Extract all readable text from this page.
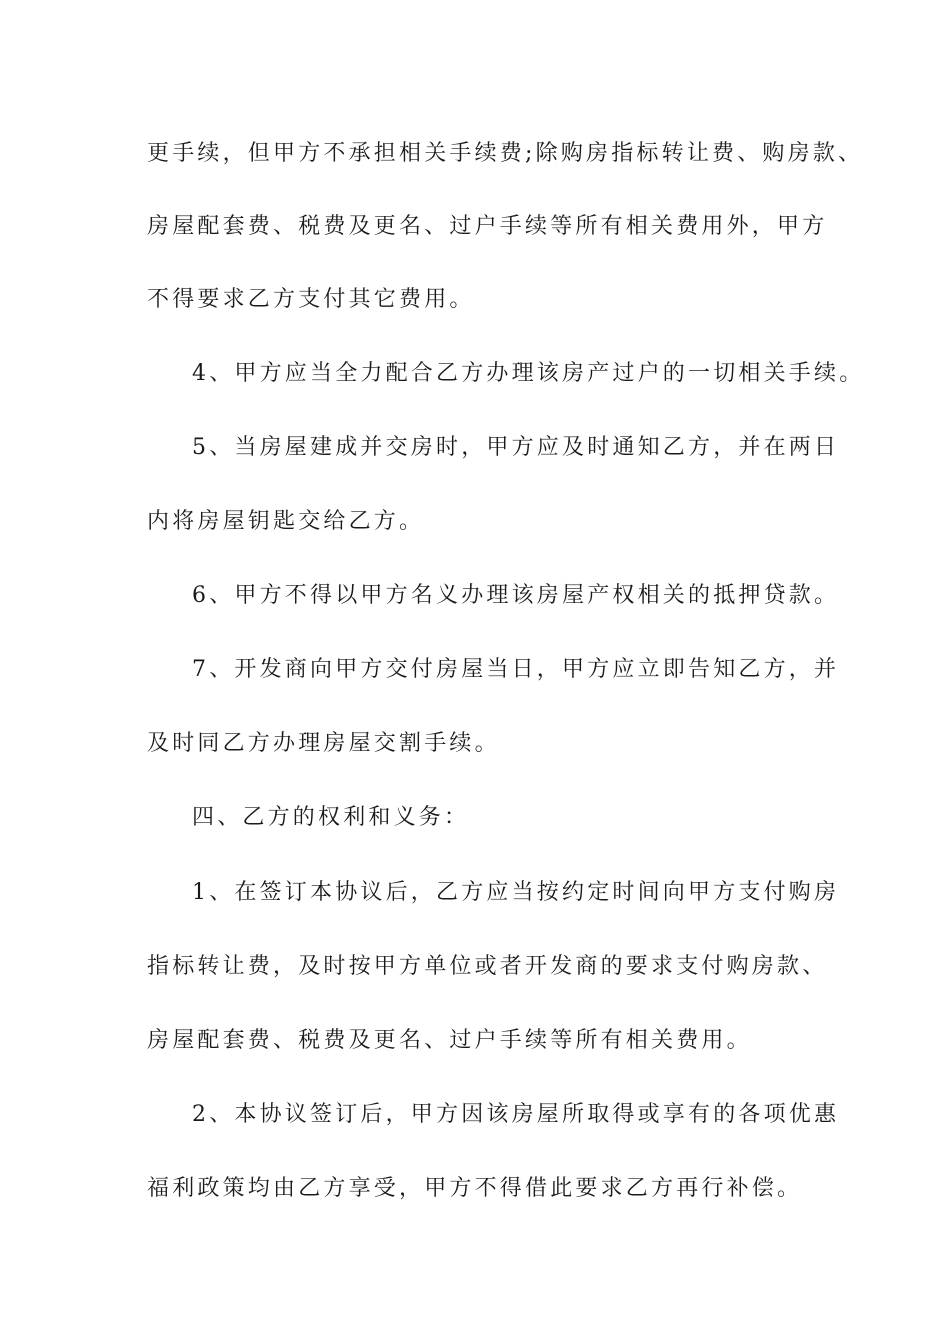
更手续，但甲方不承担相关手续费;除购房指标转让费、购房款、
房屋配套费、税费及更名、过户手续等所有相关费用外，甲方
不得要求乙方支付其它费用。
4、甲方应当全力配合乙方办理该房产过户的一切相关手续。
5、当房屋建成并交房时，甲方应及时通知乙方，并在两日
内将房屋钥匙交给乙方。
6、甲方不得以甲方名义办理该房屋产权相关的抵押贷款。
7、开发商向甲方交付房屋当日，甲方应立即告知乙方，并
及时同乙方办理房屋交割手续。
四、乙方的权利和义务：
1、在签订本协议后，乙方应当按约定时间向甲方支付购房
指标转让费，及时按甲方单位或者开发商的要求支付购房款、
房屋配套费、税费及更名、过户手续等所有相关费用。
2、本协议签订后，甲方因该房屋所取得或享有的各项优惠
福利政策均由乙方享受，甲方不得借此要求乙方再行补偿。
